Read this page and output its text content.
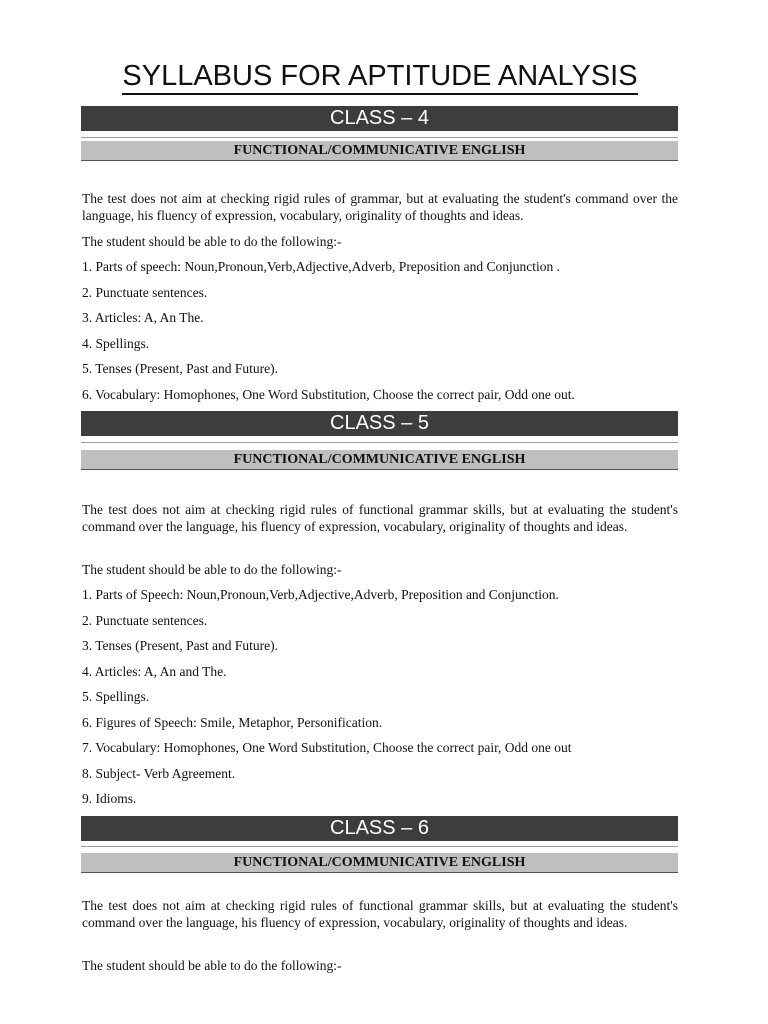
SYLLABUS FOR APTITUDE ANALYSIS
CLASS – 4
FUNCTIONAL/COMMUNICATIVE ENGLISH
The test does not aim at checking rigid rules of grammar, but at evaluating the student's command over the language, his fluency of expression, vocabulary, originality of thoughts and ideas.
The student should be able to do the following:-
1. Parts of speech: Noun,Pronoun,Verb,Adjective,Adverb, Preposition and Conjunction .
2. Punctuate sentences.
3. Articles: A, An The.
4. Spellings.
5. Tenses (Present, Past and Future).
6. Vocabulary: Homophones, One Word Substitution, Choose the correct pair, Odd one out.
CLASS – 5
FUNCTIONAL/COMMUNICATIVE ENGLISH
The test does not aim at checking rigid rules of functional grammar skills, but at evaluating the student's command over the language, his fluency of expression, vocabulary, originality of thoughts and ideas.
The student should be able to do the following:-
1. Parts of Speech: Noun,Pronoun,Verb,Adjective,Adverb, Preposition and Conjunction.
2. Punctuate sentences.
3. Tenses (Present, Past and Future).
4. Articles: A, An and The.
5. Spellings.
6. Figures of Speech: Smile, Metaphor, Personification.
7. Vocabulary: Homophones, One Word Substitution, Choose the correct pair, Odd one out
8. Subject- Verb Agreement.
9. Idioms.
CLASS – 6
FUNCTIONAL/COMMUNICATIVE ENGLISH
The test does not aim at checking rigid rules of functional grammar skills, but at evaluating the student's command over the language, his fluency of expression, vocabulary, originality of thoughts and ideas.
The student should be able to do the following:-
